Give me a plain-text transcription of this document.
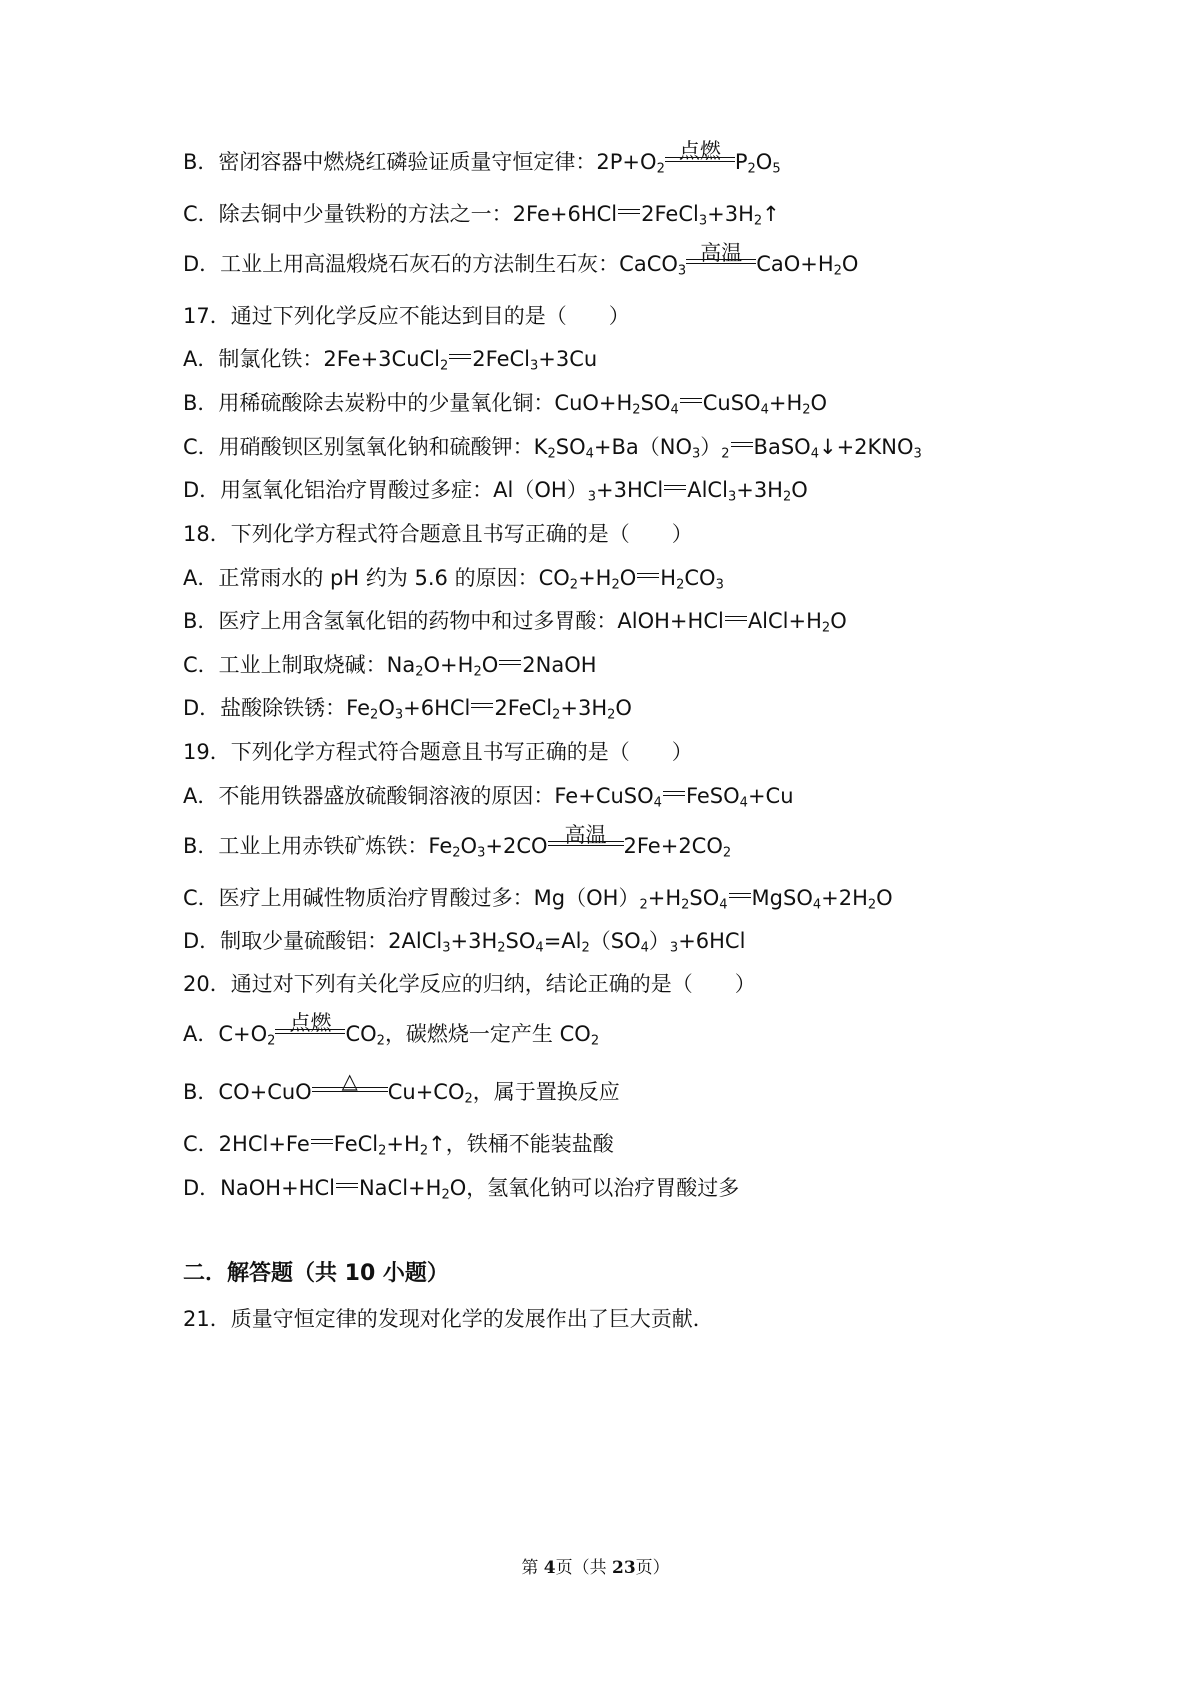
B．密闭容器中燃烧红磷验证质量守恒定律：$2P+O_2$
点燃 $P_2O_5$
C．除去铜中少量铁粉的方法之一：2Fe+6HCl $2FeCl_3+3H_2↑$
D．工业上用高温煅烧石灰石的方法制生石灰：CaCO$_3$
高温 $CaO+H_2O$
17．通过下列化学反应不能达到目的是（　　）
A．制氯化铁：2Fe+3CuCl$_2$ 2FeCl$_3$+3Cu
B．用稀硫酸除去炭粉中的少量氧化铜：$CuO+H_2SO_4$ $CuSO_4+H_2O$
C．用硝酸钡区别氢氧化钠和硫酸钾：$K_2SO_4+Ba(NO_3)_2$ $BaSO_4↓+2KNO_3$
D．用氢氧化铝治疗胃酸过多症：$Al(OH)_3+3HCl$ $AlCl_3+3H_2O$
18．下列化学方程式符合题意且书写正确的是（　　）
A．正常雨水的 pH 约为 5.6 的原因：$CO_2+H_2O$ $H_2CO_3$
B．医疗上用含氢氧化铝的药物中和过多胃酸：AlOH+HCl $AlCl+H_2O$
C．工业上制取烧碱：$Na_2O+H_2O$ 2NaOH
D．盐酸除铁锈：$Fe_2O_3+6HCl$ $2FeCl_2+3H_2O$
19．下列化学方程式符合题意且书写正确的是（　　）
A．不能用铁器盛放硫酸铜溶液的原因：Fe+CuSO$_4$ FeSO$_4$+Cu
B．工业上用赤铁矿炼铁：$Fe_2O_3+2CO$ 高温 $2Fe+2CO_2$
C．医疗上用碱性物质治疗胃酸过多：$Mg(OH)_2+H_2SO_4$ $MgSO_4+2H_2O$
D．制取少量硫酸铝：$2AlCl_3+3H_2SO_4=Al_2(SO_4)_3+6HCl$
20．通过对下列有关化学反应的归纳，结论正确的是（　　）
A．$C+O_2$
点燃 $CO_2$，碳燃烧一定产生 $CO_2$
B．CO+CuO	△	$Cu+CO_2$，属于置换反应
C．2HCl+Fe $FeCl_2+H_2↑$，铁桶不能装盐酸
D．NaOH+HCl $NaCl+H_2O$，氢氧化钠可以治疗胃酸过多
二．解答题（共 10 小题）
21．质量守恒定律的发现对化学的发展作出了巨大贡献．
第 4页（共 23页）
